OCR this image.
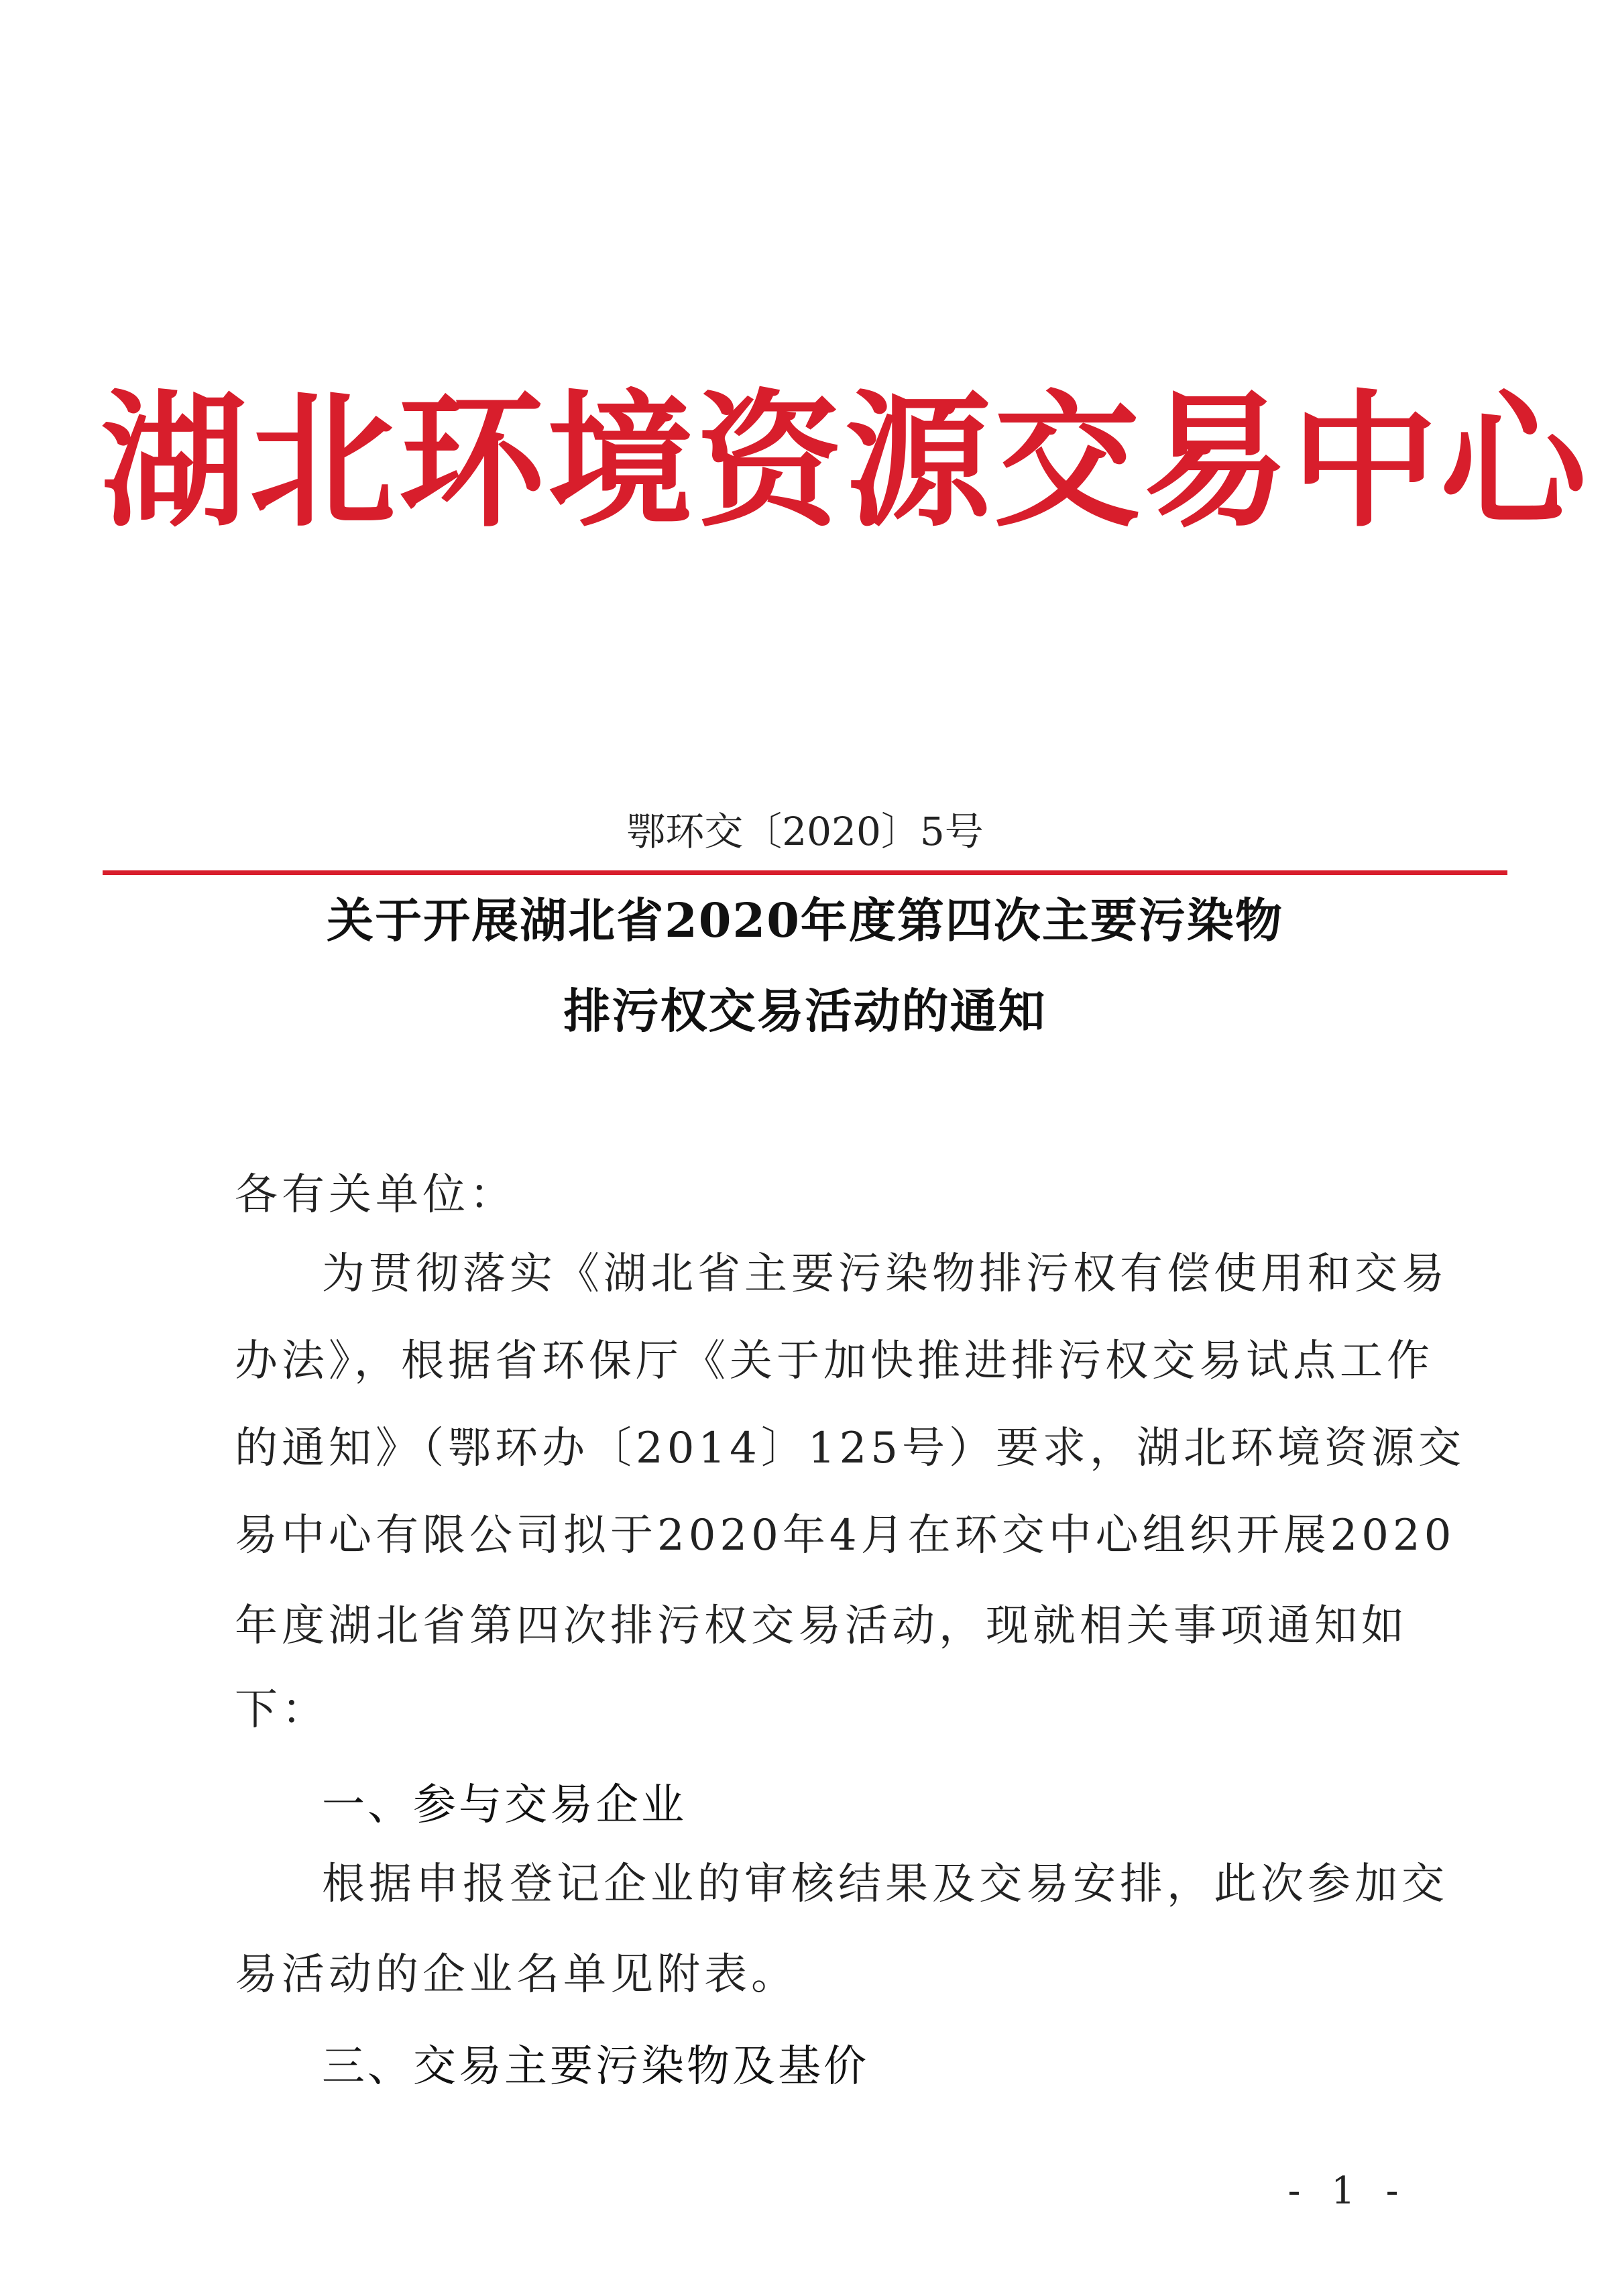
湖北环境资源交易中心
鄂环交〔2020〕5号
关于开展湖北省2020年度第四次主要污染物
排污权交易活动的通知
各有关单位：
为贯彻落实《湖北省主要污染物排污权有偿使用和交易
办法》，根据省环保厅《关于加快推进排污权交易试点工作
的通知》（鄂环办〔2014〕125号）要求，湖北环境资源交
易中心有限公司拟于2020年4月在环交中心组织开展2020
年度湖北省第四次排污权交易活动，现就相关事项通知如
下：
一、参与交易企业
根据申报登记企业的审核结果及交易安排，此次参加交
易活动的企业名单见附表。
三、交易主要污染物及基价
- 1 -
